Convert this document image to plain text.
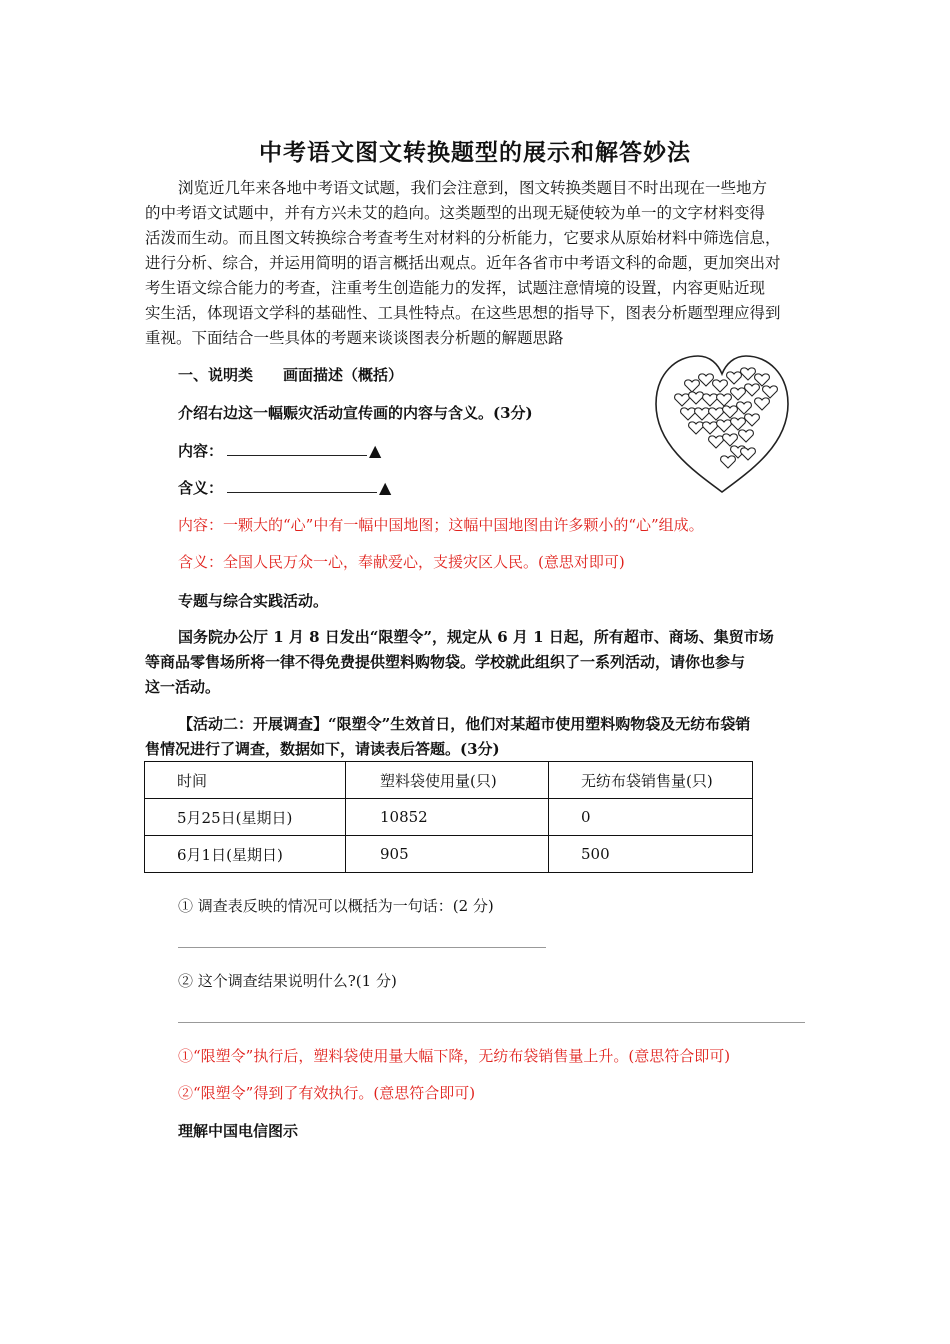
中考语文图文转换题型的展示和解答妙法
浏览近几年来各地中考语文试题，我们会注意到，图文转换类题目不时出现在一些地方
的中考语文试题中，并有方兴未艾的趋向。这类题型的出现无疑使较为单一的文字材料变得
活泼而生动。而且图文转换综合考查考生对材料的分析能力，它要求从原始材料中筛选信息，
进行分析、综合，并运用简明的语言概括出观点。近年各省市中考语文科的命题，更加突出对
考生语文综合能力的考查，注重考生创造能力的发挥，试题注意情境的设置，内容更贴近现
实生活，体现语文学科的基础性、工具性特点。在这些思想的指导下，图表分析题型理应得到
重视。下面结合一些具体的考题来谈谈图表分析题的解题思路
一、说明类　　画面描述（概括）
介绍右边这一幅赈灾活动宣传画的内容与含义。(3分)
内容：	▲
含义：	▲
内容：一颗大的“心”中有一幅中国地图；这幅中国地图由许多颗小的“心”组成。
含义：全国人民万众一心，奉献爱心，支援灾区人民。(意思对即可)
专题与综合实践活动。
国务院办公厅 1 月 8 日发出“限塑令”，规定从 6 月 1 日起，所有超市、商场、集贸市场
等商品零售场所将一律不得免费提供塑料购物袋。学校就此组织了一系列活动，请你也参与
这一活动。
【活动二：开展调查】“限塑令”生效首日，他们对某超市使用塑料购物袋及无纺布袋销
售情况进行了调查，数据如下，请读表后答题。(3分)
时间	塑料袋使用量(只)	无纺布袋销售量(只)
5月25日(星期日)	10852	0
6月1日(星期日)	905	500
① 调查表反映的情况可以概括为一句话：(2 分)
② 这个调查结果说明什么?(1 分)
①“限塑令”执行后，塑料袋使用量大幅下降，无纺布袋销售量上升。(意思符合即可)
②“限塑令”得到了有效执行。(意思符合即可)
理解中国电信图示
